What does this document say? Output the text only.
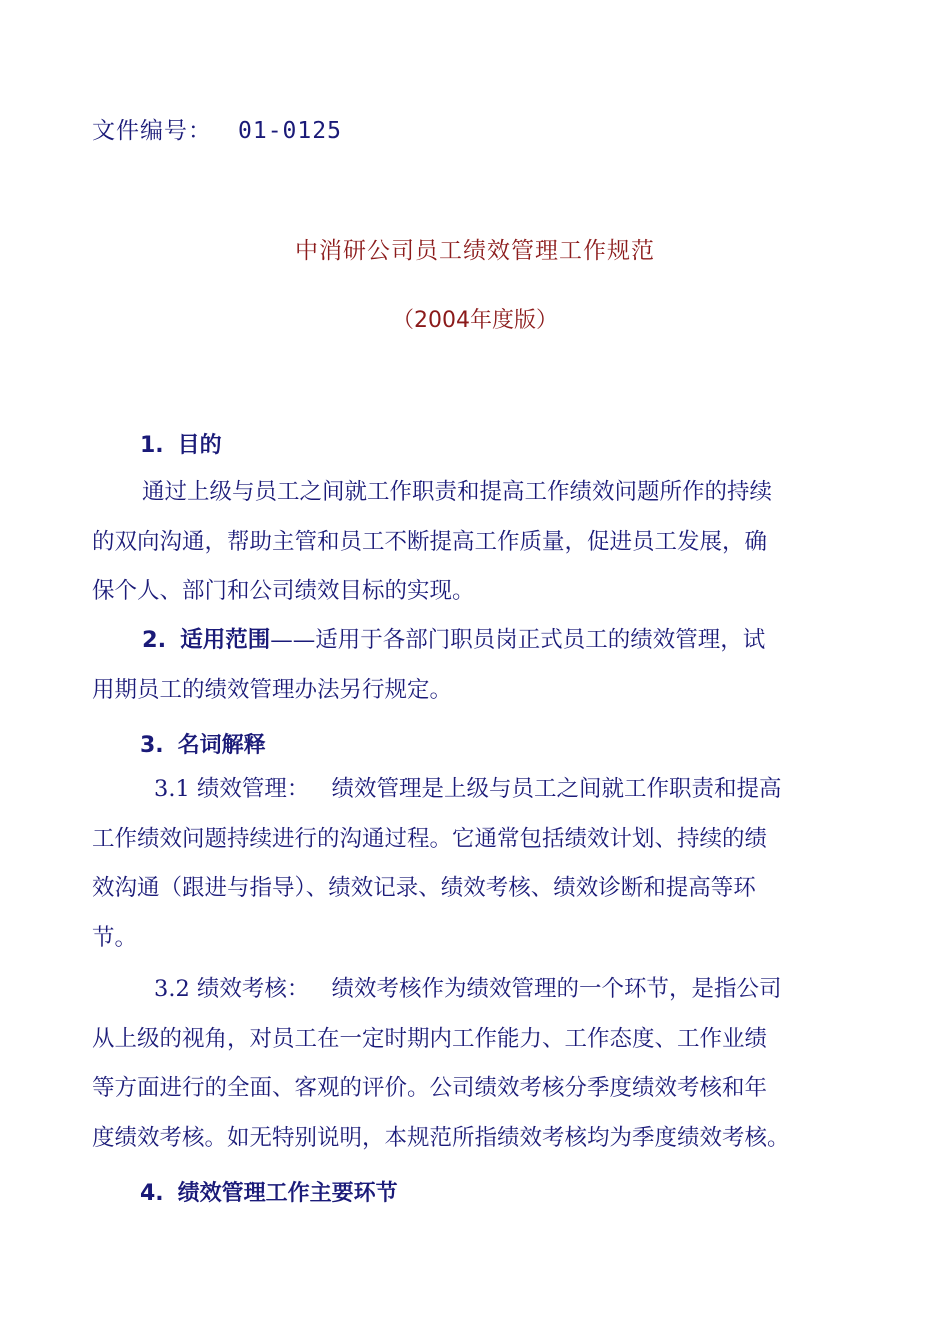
文件编号： 01-0125
中消研公司员工绩效管理工作规范
（2004年度版）
1. 目的
通过上级与员工之间就工作职责和提高工作绩效问题所作的持续
的双向沟通，帮助主管和员工不断提高工作质量，促进员工发展，确
保个人、部门和公司绩效目标的实现。
2. 适用范围——适用于各部门职员岗正式员工的绩效管理，试
用期员工的绩效管理办法另行规定。
3. 名词解释
3.1 绩效管理： 绩效管理是上级与员工之间就工作职责和提高
工作绩效问题持续进行的沟通过程。它通常包括绩效计划、持续的绩
效沟通（跟进与指导）、绩效记录、绩效考核、绩效诊断和提高等环
节。
3.2 绩效考核： 绩效考核作为绩效管理的一个环节，是指公司
从上级的视角，对员工在一定时期内工作能力、工作态度、工作业绩
等方面进行的全面、客观的评价。公司绩效考核分季度绩效考核和年
度绩效考核。如无特别说明，本规范所指绩效考核均为季度绩效考核。
4. 绩效管理工作主要环节
